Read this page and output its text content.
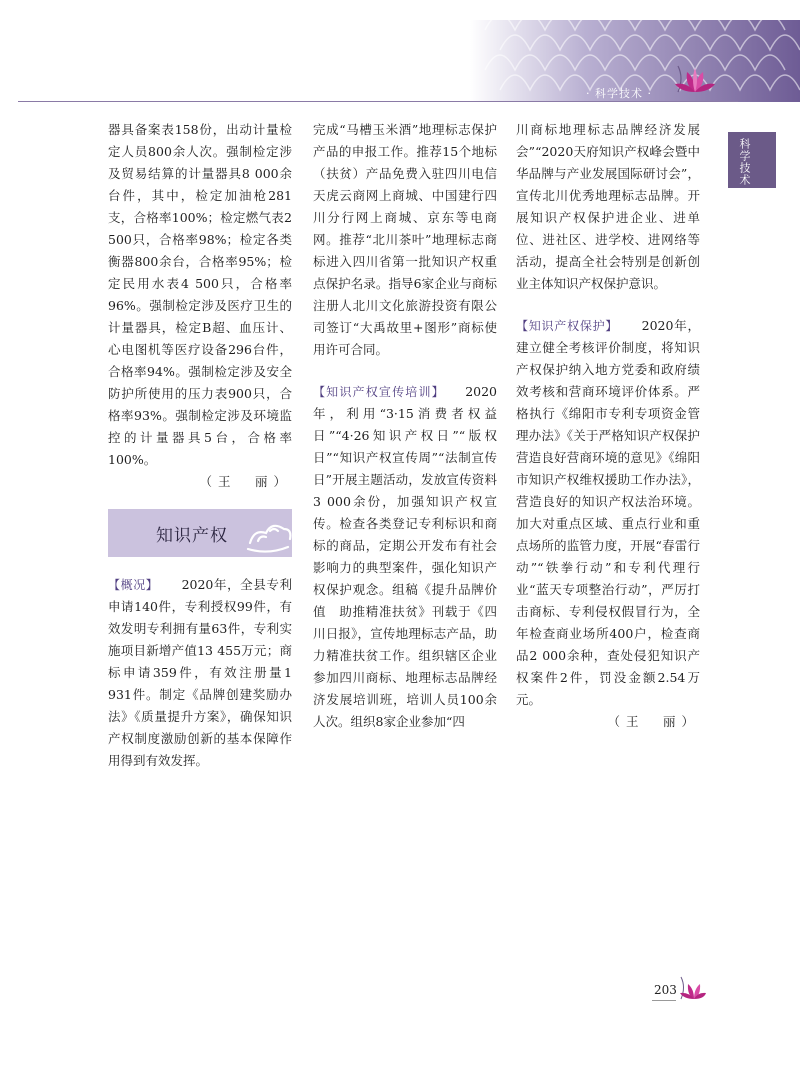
· 科学技术 ·
科学技术

器具备案表158份，出动计量检定人员800余人次。强制检定涉及贸易结算的计量器具8 000余台件，其中，检定加油枪281支，合格率100%；检定燃气表2 500只，合格率98%；检定各类衡器800余台，合格率95%；检定民用水表4 500只，合格率96%。强制检定涉及医疗卫生的计量器具，检定B超、血压计、心电图机等医疗设备296台件，合格率94%。强制检定涉及安全防护所使用的压力表900只，合格率93%。强制检定涉及环境监控的计量器具5台，合格率100%。

（王　丽）

知识产权

【概况】 2020年，全县专利申请140件，专利授权99件，有效发明专利拥有量63件，专利实施项目新增产值13 455万元；商标申请359件，有效注册量1 931件。制定《品牌创建奖励办法》《质量提升方案》，确保知识产权制度激励创新的基本保障作用得到有效发挥。

完成“马槽玉米酒”地理标志保护产品的申报工作。推荐15个地标（扶贫）产品免费入驻四川电信天虎云商网上商城、中国建行四川分行网上商城、京东等电商网。推荐“北川茶叶”地理标志商标进入四川省第一批知识产权重点保护名录。指导6家企业与商标注册人北川文化旅游投资有限公司签订“大禹故里+图形”商标使用许可合同。

【知识产权宣传培训】 2020年，利用“3·15消费者权益日”“4·26知识产权日”“版权日”“知识产权宣传周”“法制宣传日”开展主题活动，发放宣传资料3 000余份，加强知识产权宣传。检查各类登记专利标识和商标的商品，定期公开发布有社会影响力的典型案件，强化知识产权保护观念。组稿《提升品牌价值　助推精准扶贫》刊载于《四川日报》，宣传地理标志产品，助力精准扶贫工作。组织辖区企业参加四川商标、地理标志品牌经济发展培训班，培训人员100余人次。组织8家企业参加“四

川商标地理标志品牌经济发展会”“2020天府知识产权峰会暨中华品牌与产业发展国际研讨会”，宣传北川优秀地理标志品牌。开展知识产权保护进企业、进单位、进社区、进学校、进网络等活动，提高全社会特别是创新创业主体知识产权保护意识。

【知识产权保护】 2020年，建立健全考核评价制度，将知识产权保护纳入地方党委和政府绩效考核和营商环境评价体系。严格执行《绵阳市专利专项资金管理办法》《关于严格知识产权保护　营造良好营商环境的意见》《绵阳市知识产权维权援助工作办法》，营造良好的知识产权法治环境。加大对重点区域、重点行业和重点场所的监管力度，开展“春雷行动”“铁拳行动”和专利代理行业“蓝天专项整治行动”，严厉打击商标、专利侵权假冒行为，全年检查商业场所400户，检查商品2 000余种，查处侵犯知识产权案件2件，罚没金额2.54万元。

（王　丽）

203
